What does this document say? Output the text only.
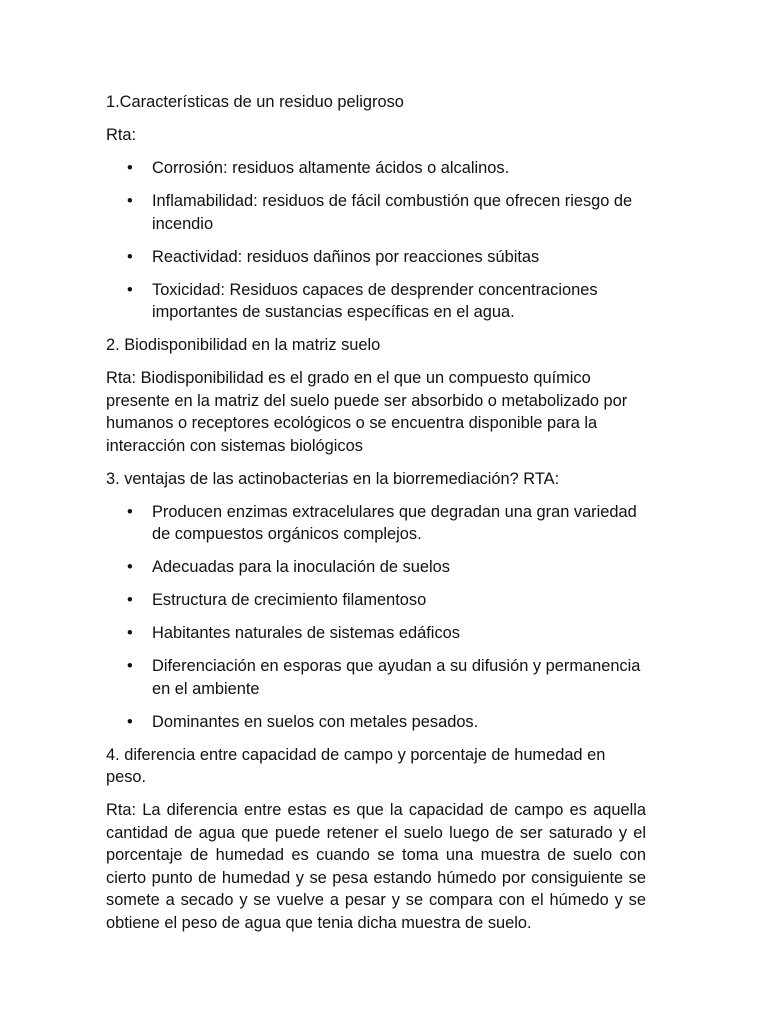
1.Características de un residuo peligroso

Rta:

• Corrosión: residuos altamente ácidos o alcalinos.
• Inflamabilidad: residuos de fácil combustión que ofrecen riesgo de incendio
• Reactividad: residuos dañinos por reacciones súbitas
• Toxicidad: Residuos capaces de desprender concentraciones importantes de sustancias específicas en el agua.

2. Biodisponibilidad en la matriz suelo

Rta: Biodisponibilidad es el grado en el que un compuesto químico presente en la matriz del suelo puede ser absorbido o metabolizado por humanos o receptores ecológicos o se encuentra disponible para la interacción con sistemas biológicos

3. ventajas de las actinobacterias en la biorremediación? RTA:

• Producen enzimas extracelulares que degradan una gran variedad de compuestos orgánicos complejos.
• Adecuadas para la inoculación de suelos
• Estructura de crecimiento filamentoso
• Habitantes naturales de sistemas edáficos
• Diferenciación en esporas que ayudan a su difusión y permanencia en el ambiente
• Dominantes en suelos con metales pesados.

4. diferencia entre capacidad de campo y porcentaje de humedad en peso.

Rta: La diferencia entre estas es que la capacidad de campo es aquella cantidad de agua que puede retener el suelo luego de ser saturado y el porcentaje de humedad es cuando se toma una muestra de suelo con cierto punto de humedad y se pesa estando húmedo por consiguiente se somete a secado y se vuelve a pesar y se compara con el húmedo y se obtiene el peso de agua que tenia dicha muestra de suelo.
